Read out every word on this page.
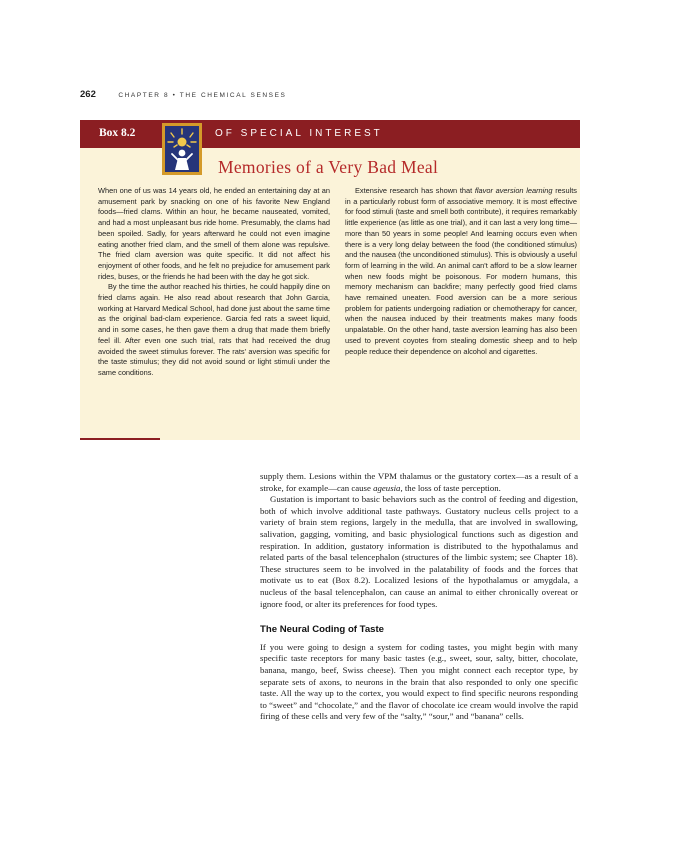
262	CHAPTER 8 • THE CHEMICAL SENSES
Box 8.2	OF SPECIAL INTEREST
Memories of a Very Bad Meal

When one of us was 14 years old, he ended an entertaining day at an amusement park by snacking on one of his favorite New England foods—fried clams. Within an hour, he became nauseated, vomited, and had a most unpleasant bus ride home. Presumably, the clams had been spoiled. Sadly, for years afterward he could not even imagine eating another fried clam, and the smell of them alone was repulsive. The fried clam aversion was quite specific. It did not affect his enjoyment of other foods, and he felt no prejudice for amusement park rides, buses, or the friends he had been with the day he got sick.

By the time the author reached his thirties, he could happily dine on fried clams again. He also read about research that John Garcia, working at Harvard Medical School, had done just about the same time as the original bad-clam experience. Garcia fed rats a sweet liquid, and in some cases, he then gave them a drug that made them briefly feel ill. After even one such trial, rats that had received the drug avoided the sweet stimulus forever. The rats' aversion was specific for the taste stimulus; they did not avoid sound or light stimuli under the same conditions.

Extensive research has shown that flavor aversion learning results in a particularly robust form of associative memory. It is most effective for food stimuli (taste and smell both contribute), it requires remarkably little experience (as little as one trial), and it can last a very long time—more than 50 years in some people! And learning occurs even when there is a very long delay between the food (the conditioned stimulus) and the nausea (the unconditioned stimulus). This is obviously a useful form of learning in the wild. An animal can't afford to be a slow learner when new foods might be poisonous. For modern humans, this memory mechanism can backfire; many perfectly good fried clams have remained uneaten. Food aversion can be a more serious problem for patients undergoing radiation or chemotherapy for cancer, when the nausea induced by their treatments makes many foods unpalatable. On the other hand, taste aversion learning has also been used to prevent coyotes from stealing domestic sheep and to help people reduce their dependence on alcohol and cigarettes.

supply them. Lesions within the VPM thalamus or the gustatory cortex—as a result of a stroke, for example—can cause ageusia, the loss of taste perception.

Gustation is important to basic behaviors such as the control of feeding and digestion, both of which involve additional taste pathways. Gustatory nucleus cells project to a variety of brain stem regions, largely in the medulla, that are involved in swallowing, salivation, gagging, vomiting, and basic physiological functions such as digestion and respiration. In addition, gustatory information is distributed to the hypothalamus and related parts of the basal telencephalon (structures of the limbic system; see Chapter 18). These structures seem to be involved in the palatability of foods and the forces that motivate us to eat (Box 8.2). Localized lesions of the hypothalamus or amygdala, a nucleus of the basal telencephalon, can cause an animal to either chronically overeat or ignore food, or alter its preferences for food types.

The Neural Coding of Taste

If you were going to design a system for coding tastes, you might begin with many specific taste receptors for many basic tastes (e.g., sweet, sour, salty, bitter, chocolate, banana, mango, beef, Swiss cheese). Then you might connect each receptor type, by separate sets of axons, to neurons in the brain that also responded to only one specific taste. All the way up to the cortex, you would expect to find specific neurons responding to “sweet” and “chocolate,” and the flavor of chocolate ice cream would involve the rapid firing of these cells and very few of the “salty,” “sour,” and “banana” cells.
